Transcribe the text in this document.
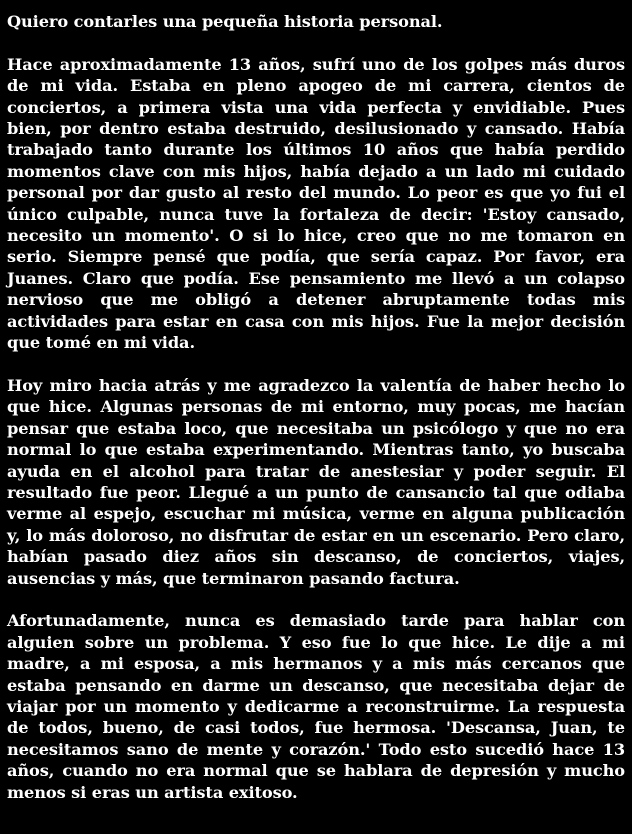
Quiero contarles una pequeña historia personal.

Hace aproximadamente 13 años, sufrí uno de los golpes más duros de mi vida. Estaba en pleno apogeo de mi carrera, cientos de conciertos, a primera vista una vida perfecta y envidiable. Pues bien, por dentro estaba destruido, desilusionado y cansado. Había trabajado tanto durante los últimos 10 años que había perdido momentos clave con mis hijos, había dejado a un lado mi cuidado personal por dar gusto al resto del mundo. Lo peor es que yo fui el único culpable, nunca tuve la fortaleza de decir: 'Estoy cansado, necesito un momento'. O si lo hice, creo que no me tomaron en serio. Siempre pensé que podía, que sería capaz. Por favor, era Juanes. Claro que podía. Ese pensamiento me llevó a un colapso nervioso que me obligó a detener abruptamente todas mis actividades para estar en casa con mis hijos. Fue la mejor decisión que tomé en mi vida.

Hoy miro hacia atrás y me agradezco la valentía de haber hecho lo que hice. Algunas personas de mi entorno, muy pocas, me hacían pensar que estaba loco, que necesitaba un psicólogo y que no era normal lo que estaba experimentando. Mientras tanto, yo buscaba ayuda en el alcohol para tratar de anestesiar y poder seguir. El resultado fue peor. Llegué a un punto de cansancio tal que odiaba verme al espejo, escuchar mi música, verme en alguna publicación y, lo más doloroso, no disfrutar de estar en un escenario. Pero claro, habían pasado diez años sin descanso, de conciertos, viajes, ausencias y más, que terminaron pasando factura.

Afortunadamente, nunca es demasiado tarde para hablar con alguien sobre un problema. Y eso fue lo que hice. Le dije a mi madre, a mi esposa, a mis hermanos y a mis más cercanos que estaba pensando en darme un descanso, que necesitaba dejar de viajar por un momento y dedicarme a reconstruirme. La respuesta de todos, bueno, de casi todos, fue hermosa. 'Descansa, Juan, te necesitamos sano de mente y corazón.' Todo esto sucedió hace 13 años, cuando no era normal que se hablara de depresión y mucho menos si eras un artista exitoso.
